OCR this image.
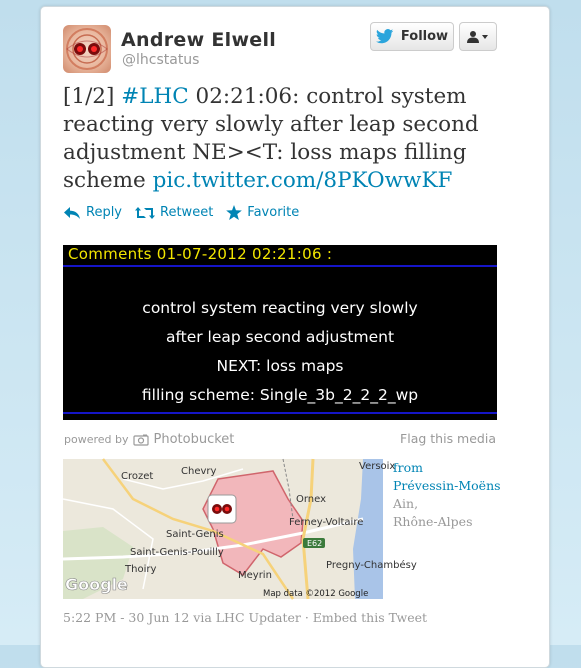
Andrew Elwell
@lhcstatus
Follow
[1/2] #LHC 02:21:06: control system reacting very slowly after leap second adjustment NE><T: loss maps filling scheme pic.twitter.com/8PKOwwKF
Reply	Retweet	Favorite
Comments 01-07-2012 02:21:06 :
control system reacting very slowly
after leap second adjustment
NEXT: loss maps
filling scheme: Single_3b_2_2_2_wp
powered by Photobucket	Flag this media
Chevry
Crozet
Versoix
Ornex
Saint-Genis
Ferney-Voltaire
Saint-Genis-Pouilly
E62
Pregny-Chambésy
Thoiry
Meyrin
Google	Map data ©2012 Google
from
Prévessin-Moëns
Ain,
Rhône-Alpes
5:22 PM - 30 Jun 12 via LHC Updater · Embed this Tweet
